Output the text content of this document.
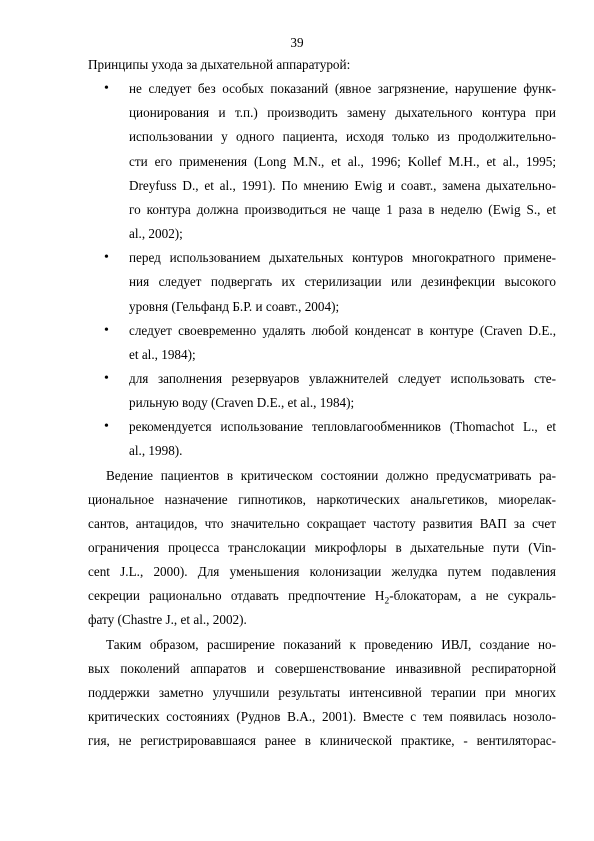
39
Принципы ухода за дыхательной аппаратурой:
• не следует без особых показаний (явное загрязнение, нарушение функ-
ционирования и т.п.) производить замену дыхательного контура при
использовании у одного пациента, исходя только из продолжительно-
сти его применения (Long M.N., et al., 1996; Kollef M.H., et al., 1995;
Dreyfuss D., et al., 1991). По мнению Ewig и соавт., замена дыхательно-
го контура должна производиться не чаще 1 раза в неделю (Ewig S., et
al., 2002);
• перед использованием дыхательных контуров многократного примене-
ния следует подвергать их стерилизации или дезинфекции высокого
уровня (Гельфанд Б.Р. и соавт., 2004);
• следует своевременно удалять любой конденсат в контуре (Craven D.E.,
et al., 1984);
• для заполнения резервуаров увлажнителей следует использовать сте-
рильную воду (Craven D.E., et al., 1984);
• рекомендуется использование тепловлагообменников (Thomachot L., et
al., 1998).
Ведение пациентов в критическом состоянии должно предусматривать ра-
циональное назначение гипнотиков, наркотических анальгетиков, миорелак-
сантов, антацидов, что значительно сокращает частоту развития ВАП за счет
ограничения процесса транслокации микрофлоры в дыхательные пути (Vin-
cent J.L., 2000). Для уменьшения колонизации желудка путем подавления
секреции рационально отдавать предпочтение $Н_2$-блокаторам, а не сукраль-
фату (Chastre J., et al., 2002).
Таким образом, расширение показаний к проведению ИВЛ, создание но-
вых поколений аппаратов и совершенствование инвазивной респираторной
поддержки заметно улучшили результаты интенсивной терапии при многих
критических состояниях (Руднов В.А., 2001). Вместе с тем появилась нозоло-
гия, не регистрировавшаяся ранее в клинической практике, - вентиляторас-
